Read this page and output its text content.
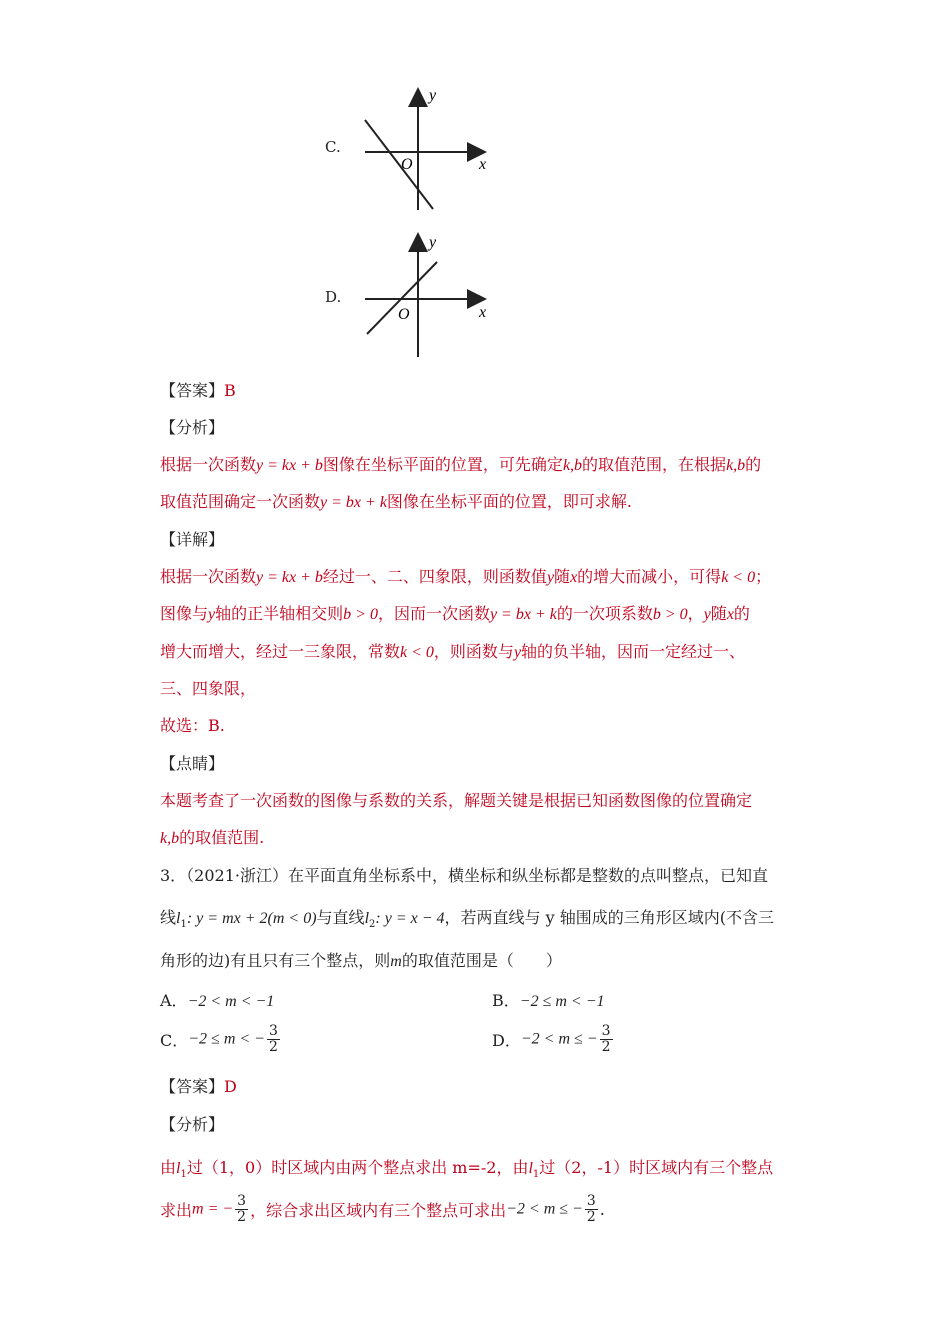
C.
y
x
O
D.
y
x
O
【答案】B
【分析】
根据一次函数y = kx + b图像在坐标平面的位置，可先确定k,b的取值范围，在根据k,b的
取值范围确定一次函数y = bx + k图像在坐标平面的位置，即可求解.
【详解】
根据一次函数y = kx + b经过一、二、四象限，则函数值y随x的增大而减小，可得k < 0；
图像与y轴的正半轴相交则b > 0，因而一次函数y = bx + k的一次项系数b > 0，y随x的
增大而增大，经过一三象限，常数k < 0，则函数与y轴的负半轴，因而一定经过一、
三、四象限，
故选：B.
【点睛】
本题考查了一次函数的图像与系数的关系，解题关键是根据已知函数图像的位置确定
k,b的取值范围.
3．（2021·浙江）在平面直角坐标系中，横坐标和纵坐标都是整数的点叫整点，已知直
线$l_1$: y = mx + 2(m < 0)与直线$l_2$: y = x − 4，若两直线与 y 轴围成的三角形区域内(不含三
角形的边)有且只有三个整点，则m的取值范围是（　　）
A．−2 < m < −1	B．−2 ≤ m < −1
C．−2 ≤ m < − $\frac{3}{2}$	D．−2 < m ≤ − $\frac{3}{2}$
【答案】D
【分析】
由$l_1$过（1，0）时区域内由两个整点求出 m=-2，由$l_1$过（2，-1）时区域内有三个整点
求出m = − $\frac{3}{2}$ ，综合求出区域内有三个整点可求出−2 < m ≤ − $\frac{3}{2}$ .
